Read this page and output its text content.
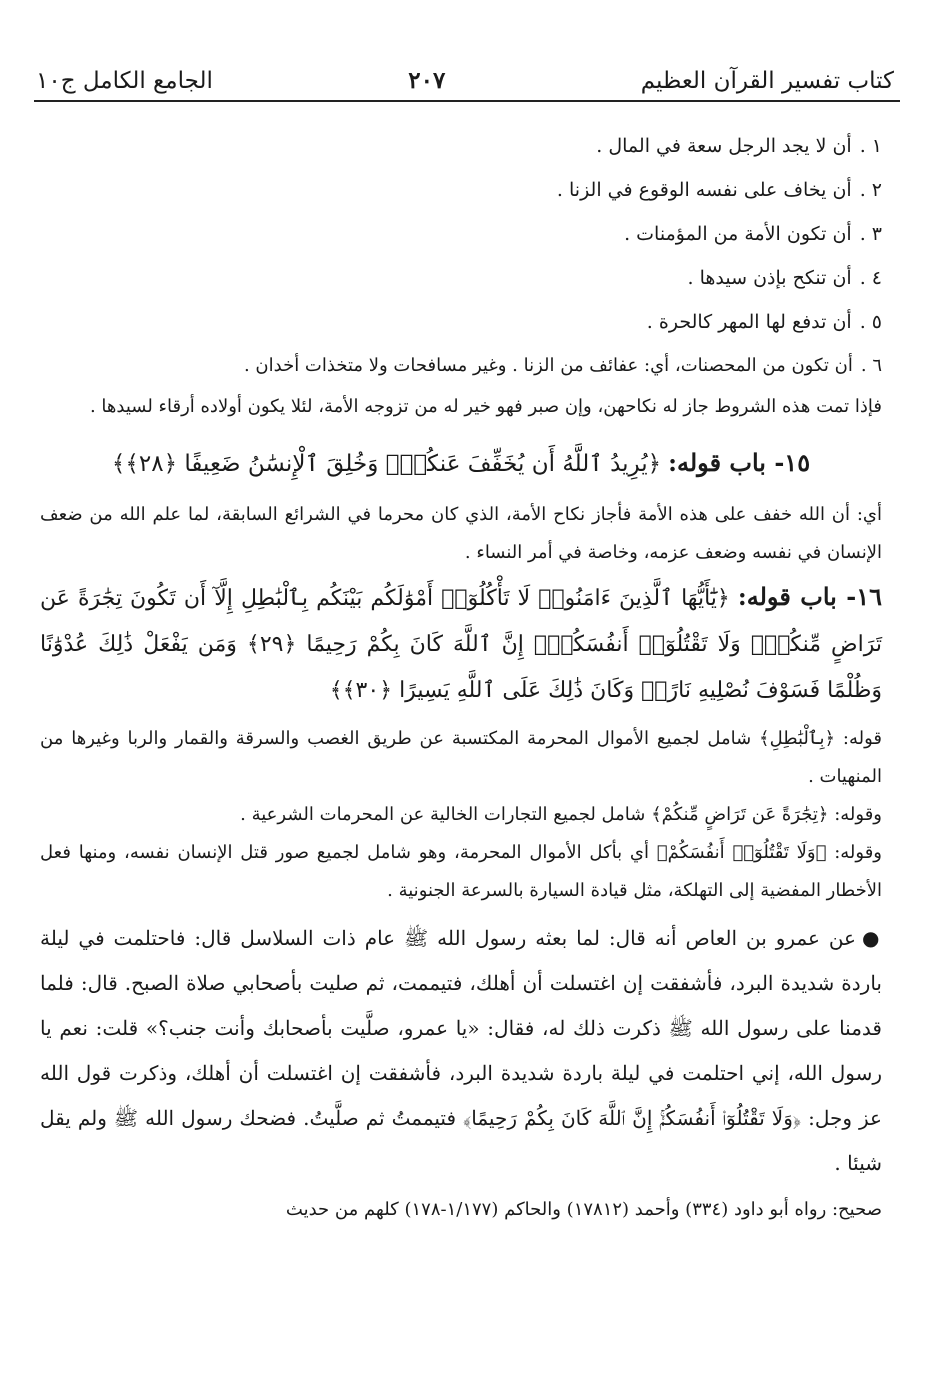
كتاب تفسير القرآن العظيم
٢٠٧
الجامع الكامل ج١٠

١ .أن لا يجد الرجل سعة في المال .

٢ .أن يخاف على نفسه الوقوع في الزنا .

٣ .أن تكون الأمة من المؤمنات .

٤ .أن تنكح بإذن سيدها .

٥ .أن تدفع لها المهر كالحرة .

٦ .أن تكون من المحصنات، أي: عفائف من الزنا . وغير مسافحات ولا متخذات أخدان .

فإذا تمت هذه الشروط جاز له نكاحهن، وإن صبر فهو خير له من تزوجه الأمة، لئلا يكون أولاده أرقاء لسيدها .

١٥- باب قوله: ﴿يُرِيدُ ٱللَّهُ أَن يُخَفِّفَ عَنكُمْۚ وَخُلِقَ ٱلْإِنسَٰنُ ضَعِيفًا ﴿٢٨﴾﴾

أي: أن الله خفف على هذه الأمة فأجاز نكاح الأمة، الذي كان محرما في الشرائع السابقة، لما علم الله من ضعف الإنسان في نفسه وضعف عزمه، وخاصة في أمر النساء .

١٦- باب قوله: ﴿يَٰٓأَيُّهَا ٱلَّذِينَ ءَامَنُوا۟ لَا تَأْكُلُوٓا۟ أَمْوَٰلَكُم بَيْنَكُم بِٱلْبَٰطِلِ إِلَّآ أَن تَكُونَ تِجَٰرَةً عَن تَرَاضٍ مِّنكُمْۚ وَلَا تَقْتُلُوٓا۟ أَنفُسَكُمْۚ إِنَّ ٱللَّهَ كَانَ بِكُمْ رَحِيمًا ﴿٢٩﴾ وَمَن يَفْعَلْ ذَٰلِكَ عُدْوَٰنًا وَظُلْمًا فَسَوْفَ نُصْلِيهِ نَارًاۚ وَكَانَ ذَٰلِكَ عَلَى ٱللَّهِ يَسِيرًا ﴿٣٠﴾﴾

قوله: ﴿بِٱلْبَٰطِلِ﴾ شامل لجميع الأموال المحرمة المكتسبة عن طريق الغصب والسرقة والقمار والربا وغيرها من المنهيات .

وقوله: ﴿تِجَٰرَةً عَن تَرَاضٍ مِّنكُمْ﴾ شامل لجميع التجارات الخالية عن المحرمات الشرعية .

وقوله: ﴿وَلَا تَقْتُلُوٓا۟ أَنفُسَكُمْ﴾ أي بأكل الأموال المحرمة، وهو شامل لجميع صور قتل الإنسان نفسه، ومنها فعل الأخطار المفضية إلى التهلكة، مثل قيادة السيارة بالسرعة الجنونية .

●عن عمرو بن العاص أنه قال: لما بعثه رسول الله ﷺ عام ذات السلاسل قال: فاحتلمت في ليلة باردة شديدة البرد، فأشفقت إن اغتسلت أن أهلك، فتيممت، ثم صليت بأصحابي صلاة الصبح. قال: فلما قدمنا على رسول الله ﷺ ذكرت ذلك له، فقال: «يا عمرو، صلَّيت بأصحابك وأنت جنب؟» قلت: نعم يا رسول الله، إني احتلمت في ليلة باردة شديدة البرد، فأشفقت إن اغتسلت أن أهلك، وذكرت قول الله عز وجل: ﴿وَلَا تَقْتُلُوٓا۟ أَنفُسَكُمْۚ إِنَّ ٱللَّهَ كَانَ بِكُمْ رَحِيمًا﴾ فتيممتُ ثم صلَّيتُ. فضحك رسول الله ﷺ ولم يقل شيئا .

صحيح: رواه أبو داود (٣٣٤) وأحمد (١٧٨١٢) والحاكم (١/١٧٧-١٧٨) كلهم من حديث
